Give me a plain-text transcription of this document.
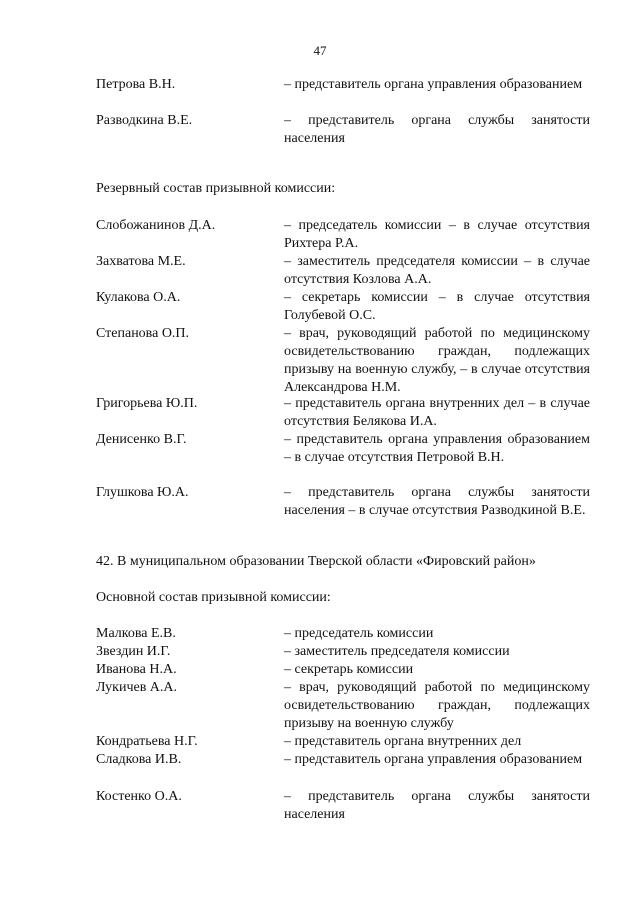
47
Петрова В.Н.	– представитель органа управления образованием
Разводкина В.Е.	– представитель органа службы занятости населения
Резервный состав призывной комиссии:
Слобожанинов Д.А.	– председатель комиссии – в случае отсутствия Рихтера Р.А.
Захватова М.Е.	– заместитель председателя комиссии – в случае отсутствия Козлова А.А.
Кулакова О.А.	– секретарь комиссии – в случае отсутствия Голубевой О.С.
Степанова О.П.	– врач, руководящий работой по медицинскому освидетельствованию граждан, подлежащих призыву на военную службу, – в случае отсутствия Александрова Н.М.
Григорьева Ю.П.	– представитель органа внутренних дел – в случае отсутствия Белякова И.А.
Денисенко В.Г.	– представитель органа управления образованием – в случае отсутствия Петровой В.Н.
Глушкова Ю.А.	– представитель органа службы занятости населения – в случае отсутствия Разводкиной В.Е.
42. В муниципальном образовании Тверской области «Фировский район»
Основной состав призывной комиссии:
Малкова Е.В.	– председатель комиссии
Звездин И.Г.	– заместитель председателя комиссии
Иванова Н.А.	– секретарь комиссии
Лукичев А.А.	– врач, руководящий работой по медицинскому освидетельствованию граждан, подлежащих призыву на военную службу
Кондратьева Н.Г.	– представитель органа внутренних дел
Сладкова И.В.	– представитель органа управления образованием
Костенко О.А.	– представитель органа службы занятости населения
